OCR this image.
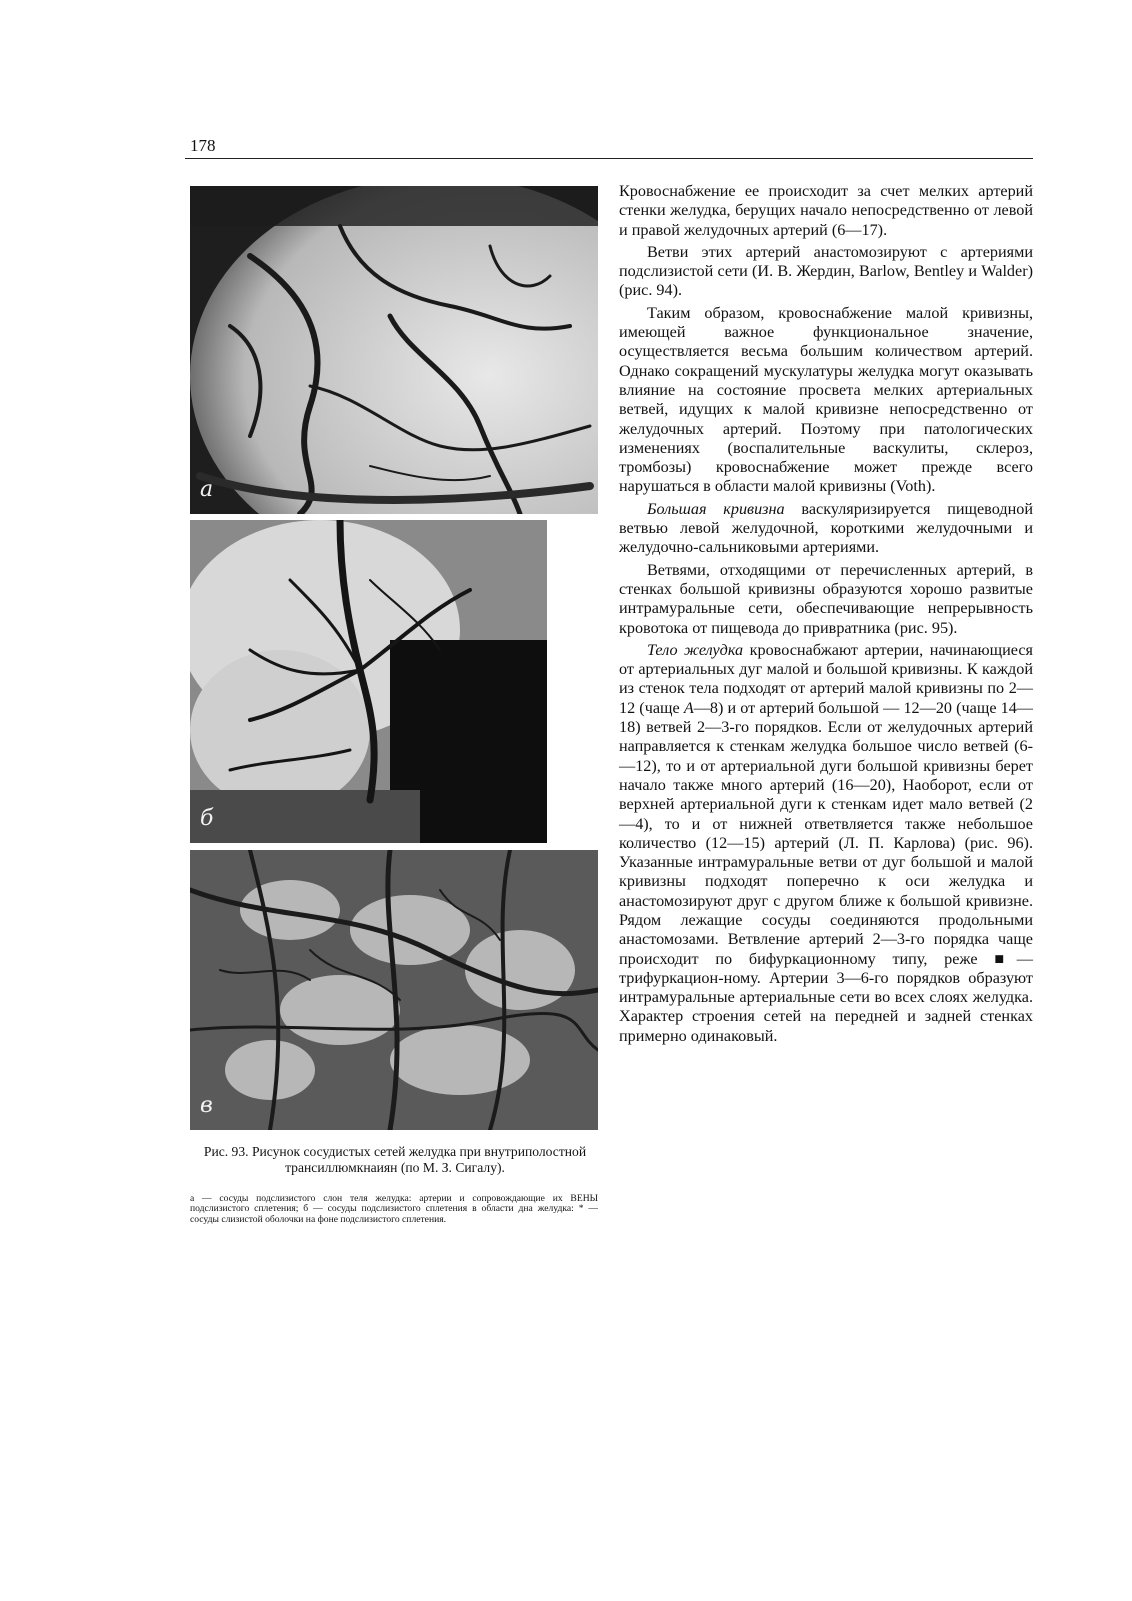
178
а
б
в
Рис. 93. Рисунок сосудистых сетей желудка при внутриполостной трансиллюмкнаиян (по М. З. Сигалу).
а — сосуды подслизистого слон теля желудка: артерии и сопровождающие их ВЕНЫ подслизистого сплетения; б — сосуды подслизистого сплетения в области дна желудка: * — сосуды слизистой оболочки на фоне подслизистого сплетения.

Кровоснабжение ее происходит за счет мелких артерий стенки желудка, берущих начало непосредственно от левой и правой желудочных артерий (6—17).

Ветви этих артерий анастомозируют с артериями подслизистой сети (И. В. Жердин, Barlow, Bentley и Walder) (рис. 94).

Таким образом, кровоснабжение малой кривизны, имеющей важное функциональное значение, осуществляется весьма большим количеством артерий. Однако сокращений мускулатуры желудка могут оказывать влияние на состояние просвета мелких артериальных ветвей, идущих к малой кривизне непосредственно от желудочных артерий. Поэтому при патологических изменениях (воспалительные васкулиты, склероз, тромбозы) кровоснабжение может прежде всего нарушаться в области малой кривизны (Voth).

Большая кривизна васкуляризируется пищеводной ветвью левой желудочной, короткими желудочными и желудочно-сальниковыми артериями.

Ветвями, отходящими от перечисленных артерий, в стенках большой кривизны образуются хорошо развитые интрамуральные сети, обеспечивающие непрерывность кровотока от пищевода до привратника (рис. 95).

Тело желудка кровоснабжают артерии, начинающиеся от артериальных дуг малой и большой кривизны. К каждой из стенок тела подходят от артерий малой кривизны по 2—12 (чаще А—8) и от артерий большой — 12—20 (чаще 14—18) ветвей 2—3-го порядков. Если от желудочных артерий направляется к стенкам желудка большое число ветвей (6-—12), то и от артериальной дуги большой кривизны берет начало также много артерий (16—20), Наоборот, если от верхней артериальной дуги к стенкам идет мало ветвей (2—4), то и от нижней ответвляется также небольшое количество (12—15) артерий (Л. П. Карлова) (рис. 96). Указанные интрамуральные ветви от дуг большой и малой кривизны подходят поперечно к оси желудка и анастомозируют друг с другом ближе к большой кривизне. Рядом лежащие сосуды соединяются продольными анастомозами. Ветвление артерий 2—3-го порядка чаще происходит по бифуркационному типу, реже ■—трифуркацион-ному. Артерии 3—6-го порядков образуют интрамуральные артериальные сети во всех слоях желудка. Характер строения сетей на передней и задней стенках примерно одинаковый.
